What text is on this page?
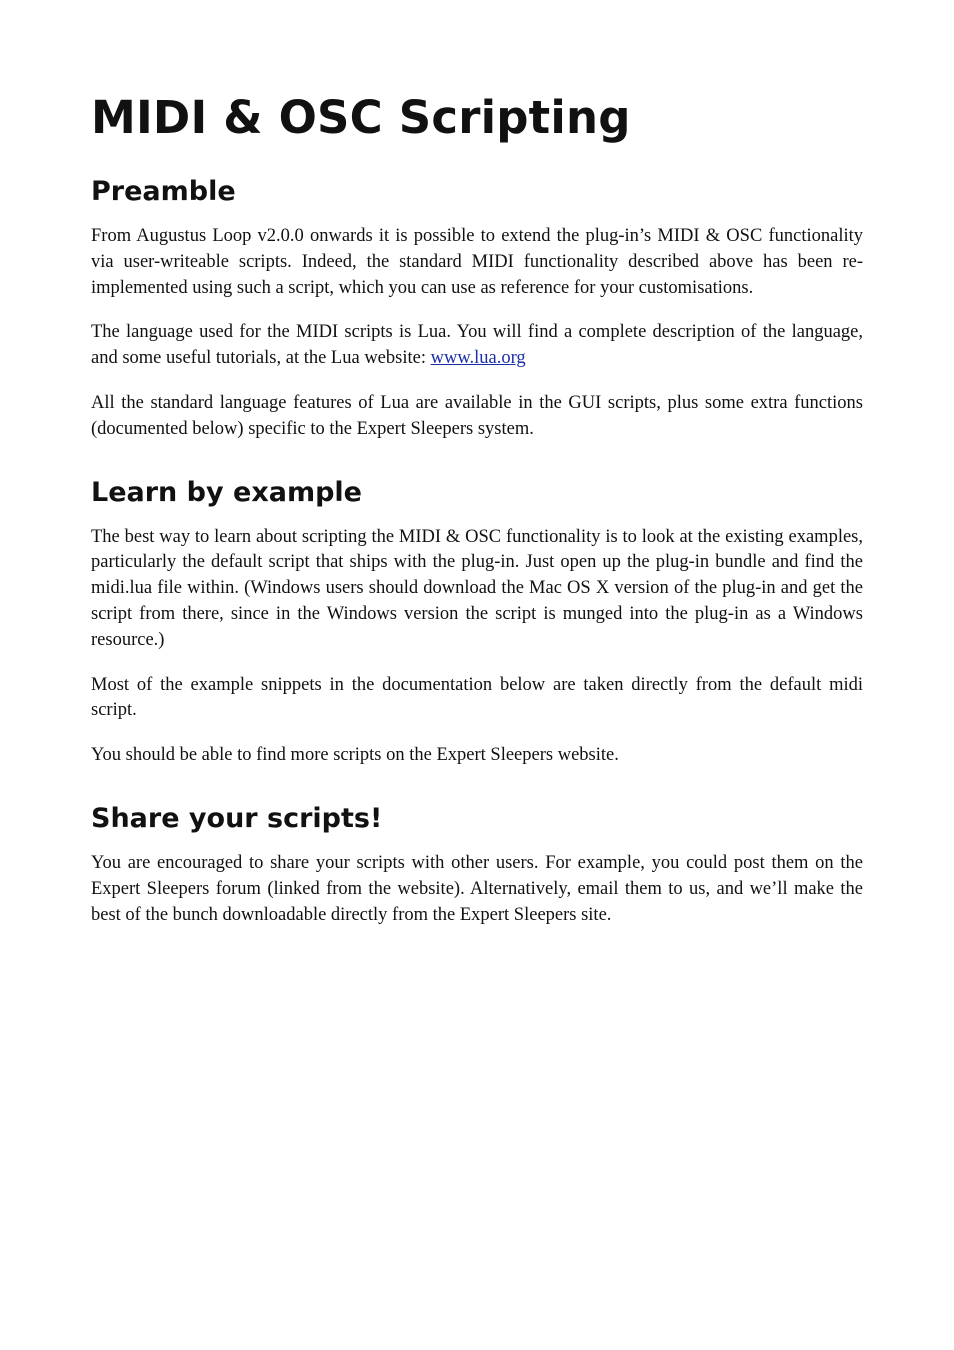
MIDI & OSC Scripting
Preamble

From Augustus Loop v2.0.0 onwards it is possible to extend the plug-in’s MIDI & OSC functionality via user-writeable scripts. Indeed, the standard MIDI functionality described above has been re-implemented using such a script, which you can use as reference for your customisations.

The language used for the MIDI scripts is Lua. You will find a complete description of the language, and some useful tutorials, at the Lua website: www.lua.org

All the standard language features of Lua are available in the GUI scripts, plus some extra functions (documented below) specific to the Expert Sleepers system.

Learn by example

The best way to learn about scripting the MIDI & OSC functionality is to look at the existing examples, particularly the default script that ships with the plug-in. Just open up the plug-in bundle and find the midi.lua file within. (Windows users should download the Mac OS X version of the plug-in and get the script from there, since in the Windows version the script is munged into the plug-in as a Windows resource.)

Most of the example snippets in the documentation below are taken directly from the default midi script.

You should be able to find more scripts on the Expert Sleepers website.

Share your scripts!

You are encouraged to share your scripts with other users. For example, you could post them on the Expert Sleepers forum (linked from the website). Alternatively, email them to us, and we’ll make the best of the bunch downloadable directly from the Expert Sleepers site.
